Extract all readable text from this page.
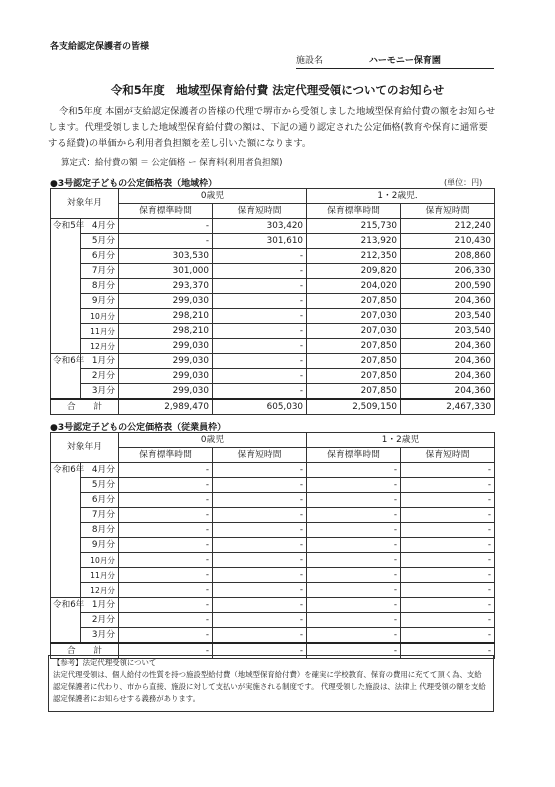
各支給認定保護者の皆様
施設名	ハーモニー保育園
令和5年度　地域型保育給付費 法定代理受領についてのお知らせ
令和5年度 本園が支給認定保護者の皆様の代理で堺市から受領しました地域型保育給付費の額をお知らせします。代理受領しました地域型保育給付費の額は、下記の通り認定された公定価格(教育や保育に通常要する経費)の単価から利用者負担額を差し引いた額になります。
算定式：給付費の額 ＝ 公定価格 ー 保育料(利用者負担額)
●3号認定子どもの公定価格表（地域枠）	(単位：円)
対象年月		0歳児		1・2歳児．	
		保育標準時間	保育短時間	保育標準時間	保育短時間
令和5年	4月分	-	303,420	215,730	212,240
	5月分	-	301,610	213,920	210,430
	6月分	303,530	-	212,350	208,860
	7月分	301,000	-	209,820	206,330
	8月分	293,370	-	204,020	200,590
	9月分	299,030	-	207,850	204,360
	10月分	298,210	-	207,030	203,540
	11月分	298,210	-	207,030	203,540
	12月分	299,030	-	207,850	204,360
令和6年	1月分	299,030	-	207,850	204,360
	2月分	299,030	-	207,850	204,360
	3月分	299,030	-	207,850	204,360
合　　計		2,989,470	605,030	2,509,150	2,467,330
●3号認定子どもの公定価格表（従業員枠）
対象年月		0歳児		1・2歳児	
		保育標準時間	保育短時間	保育標準時間	保育短時間
令和6年	4月分	-	-	-	-
	5月分	-	-	-	-
	6月分	-	-	-	-
	7月分	-	-	-	-
	8月分	-	-	-	-
	9月分	-	-	-	-
	10月分	-	-	-	-
	11月分	-	-	-	-
	12月分	-	-	-	-
令和6年	1月分	-	-	-	-
	2月分	-	-	-	-
	3月分	-	-	-	-
合　　計		-	-	-	-
【参考】法定代理受領について
法定代理受領は、個人給付の性質を持つ施設型給付費（地域型保育給付費）を確実に学校教育、保育の費用に充てて頂く為、支給認定保護者に代わり、市から直接、施設に対して支払いが実施される制度です。 代理受領した施設は、法律上 代理受領の額を支給認定保護者にお知らせする義務があります。
